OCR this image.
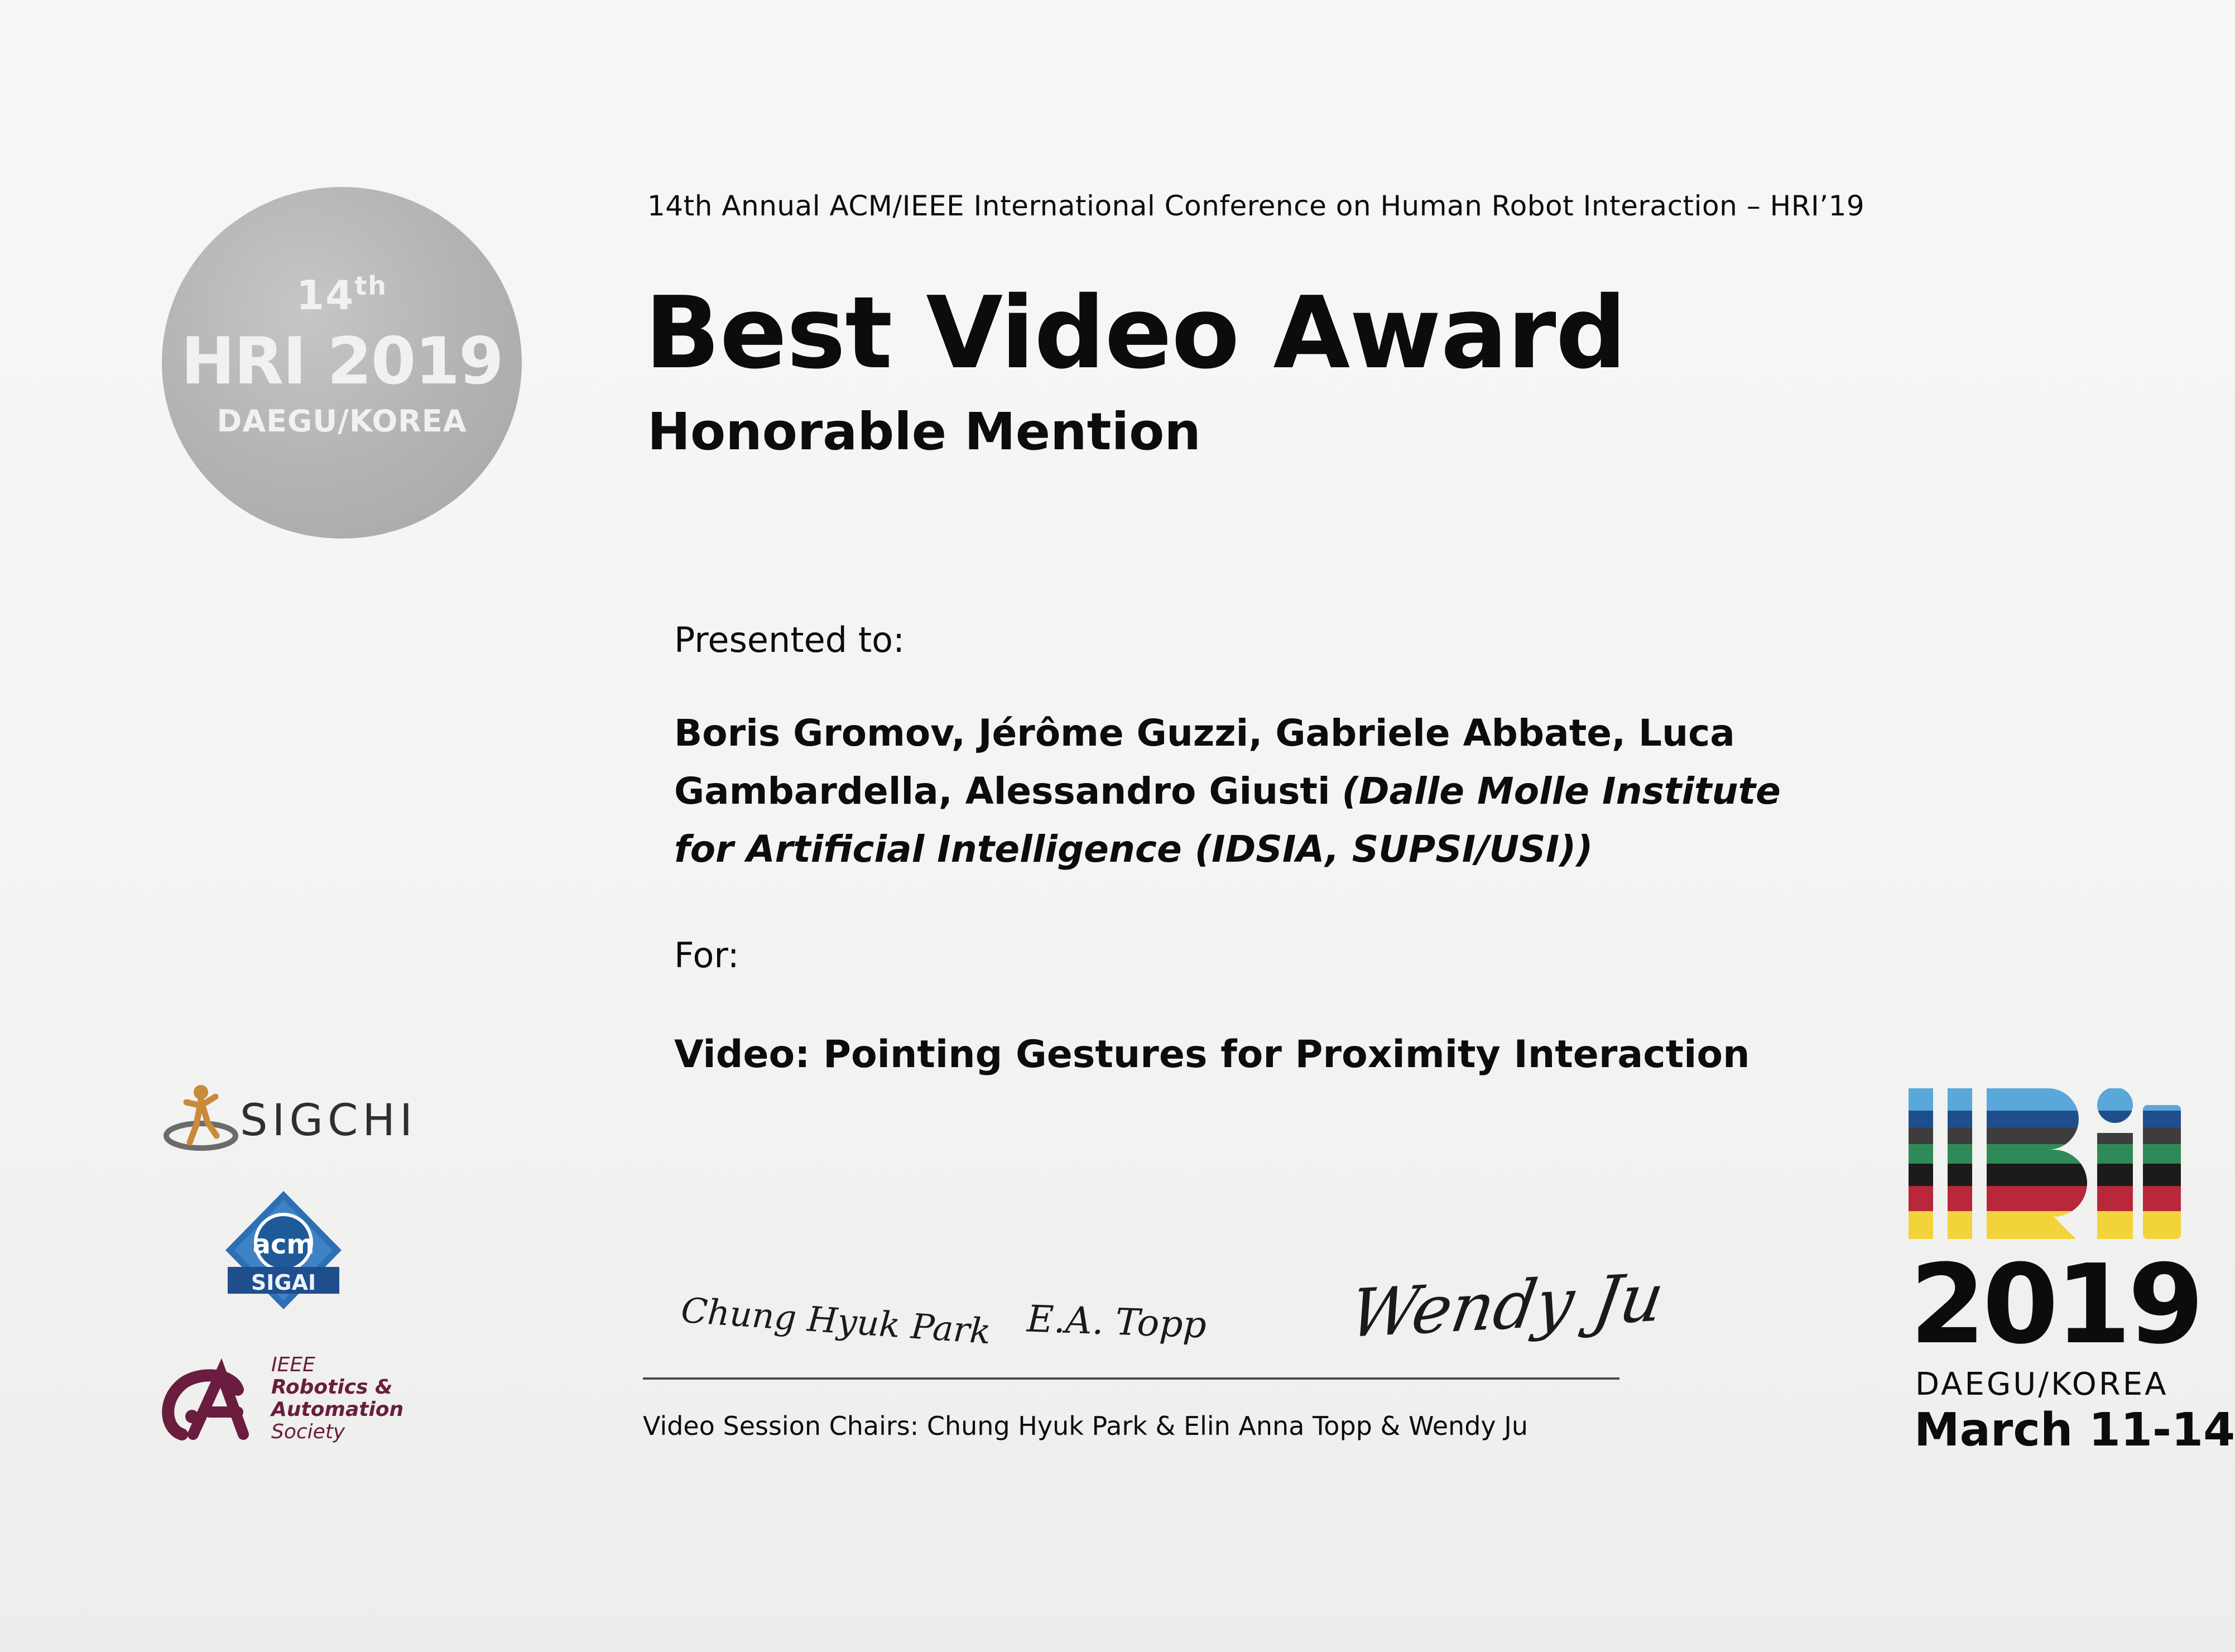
14th
HRI 2019
DAEGU/KOREA
14th Annual ACM/IEEE International Conference on Human Robot Interaction – HRI’19
Best Video Award
Honorable Mention
Presented to:
Boris Gromov, Jérôme Guzzi, Gabriele Abbate, Luca Gambardella, Alessandro Giusti (Dalle Molle Institute for Artificial Intelligence (IDSIA, SUPSI/USI))
For:
Video: Pointing Gestures for Proximity Interaction
Chung Hyuk Park E.A. Topp Wendy Ju
Video Session Chairs: Chung Hyuk Park & Elin Anna Topp & Wendy Ju
SIGCHI
acm
SIGAI
IEEE
Robotics &
Automation
Society
2019
DAEGU/KOREA
March 11-14
